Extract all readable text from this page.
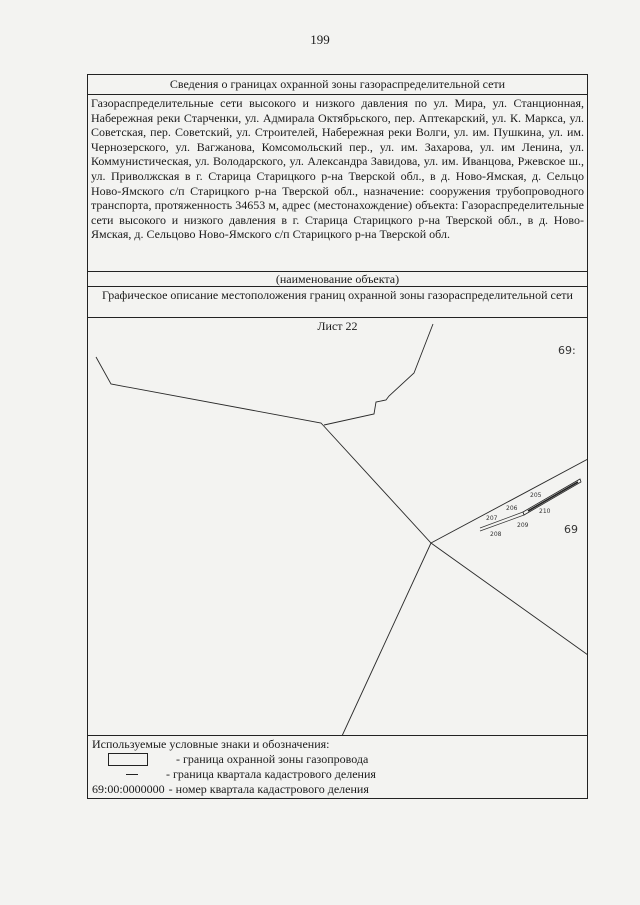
199
Сведения о границах охранной зоны газораспределительной сети
Газораспределительные сети высокого и низкого давления по ул. Мира, ул. Станционная, Набережная реки Старченки, ул. Адмирала Октябрьского, пер. Аптекарский, ул. К. Маркса, ул. Советская, пер. Советский, ул. Строителей, Набережная реки Волги, ул. им. Пушкина, ул. им. Чернозерского, ул. Вагжанова, Комсомольский пер., ул. им. Захарова, ул. им Ленина, ул. Коммунистическая, ул. Володарского, ул. Александра Завидова, ул. им. Иванцова, Ржевское ш., ул. Приволжская в г. Старица Старицкого р-на Тверской обл., в д. Ново-Ямская, д. Сельцо Ново-Ямского с/п Старицкого р-на Тверской обл., назначение: сооружения трубопроводного транспорта, протяженность 34653 м, адрес (местонахождение) объекта: Газораспределительные сети высокого и низкого давления в г. Старица Старицкого р-на Тверской обл., в д. Ново-Ямская, д. Сельцово Ново-Ямского с/п Старицкого р-на Тверской обл.
(наименование объекта)
Графическое описание местоположения границ охранной зоны газораспределительной сети
Лист 22
69:
69
205
206	210
207
209
208
Используемые условные знаки и обозначения:
- граница охранной зоны газопровода
- граница квартала кадастрового деления
69:00:0000000 - номер квартала кадастрового деления
